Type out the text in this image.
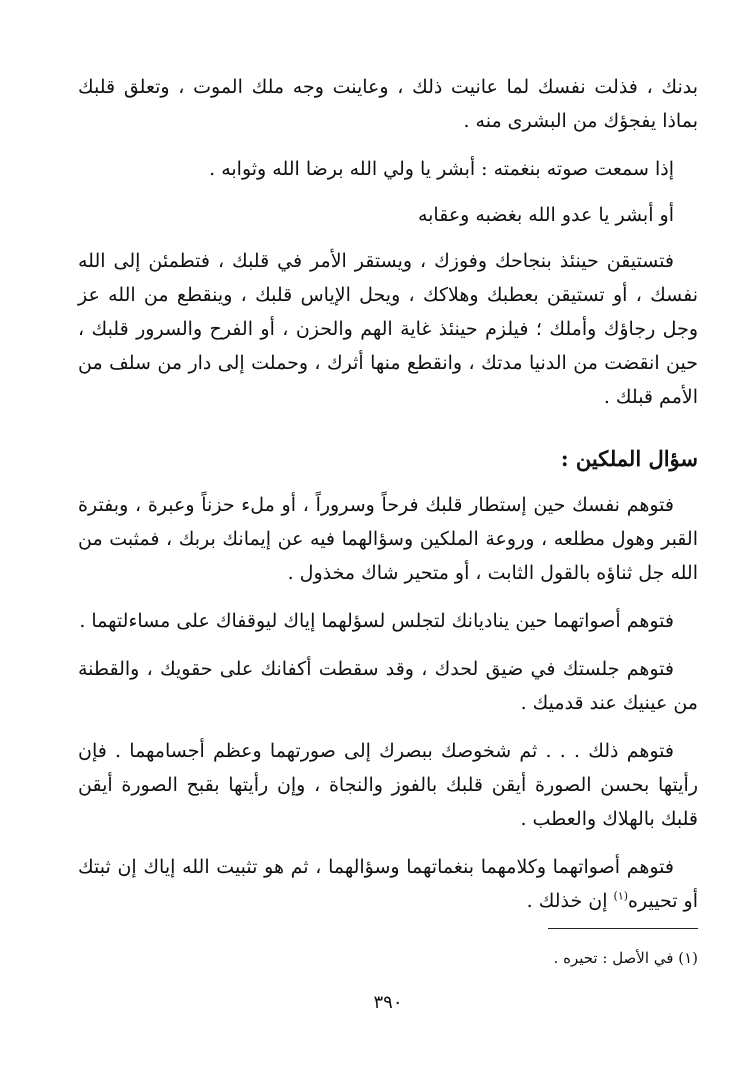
بدنك ، فذلت نفسك لما عانيت ذلك ، وعاينت وجه ملك الموت ، وتعلق قلبك بماذا يفجؤك من البشرى منه .

إذا سمعت صوته بنغمته : أبشر يا ولي الله برضا الله وثوابه .

أو أبشر يا عدو الله بغضبه وعقابه

فتستيقن حينئذ بنجاحك وفوزك ، ويستقر الأمر في قلبك ، فتطمئن إلى الله نفسك ، أو تستيقن بعطبك وهلاكك ، ويحل الإياس قلبك ، وينقطع من الله عز وجل رجاؤك وأملك ؛ فيلزم حينئذ غاية الهم والحزن ، أو الفرح والسرور قلبك ، حين انقضت من الدنيا مدتك ، وانقطع منها أثرك ، وحملت إلى دار من سلف من الأمم قبلك .

سؤال الملكين :

فتوهم نفسك حين إستطار قلبك فرحاً وسروراً ، أو ملء حزناً وعبرة ، وبفترة القبر وهول مطلعه ، وروعة الملكين وسؤالهما فيه عن إيمانك بربك ، فمثبت من الله جل ثناؤه بالقول الثابت ، أو متحير شاك مخذول .

فتوهم أصواتهما حين يناديانك لتجلس لسؤلهما إياك ليوقفاك على مساءلتهما .

فتوهم جلستك في ضيق لحدك ، وقد سقطت أكفانك على حقويك ، والقطنة من عينيك عند قدميك .

فتوهم ذلك . . . ثم شخوصك ببصرك إلى صورتهما وعظم أجسامهما . فإن رأيتها بحسن الصورة أيقن قلبك بالفوز والنجاة ، وإن رأيتها بقبح الصورة أيقن قلبك بالهلاك والعطب .

فتوهم أصواتهما وكلامهما بنغماتهما وسؤالهما ، ثم هو تثبيت الله إياك إن ثبتك أو تحييره$^{(١)}$ إن خذلك .

(١) في الأصل : تحيره .
٣٩٠
